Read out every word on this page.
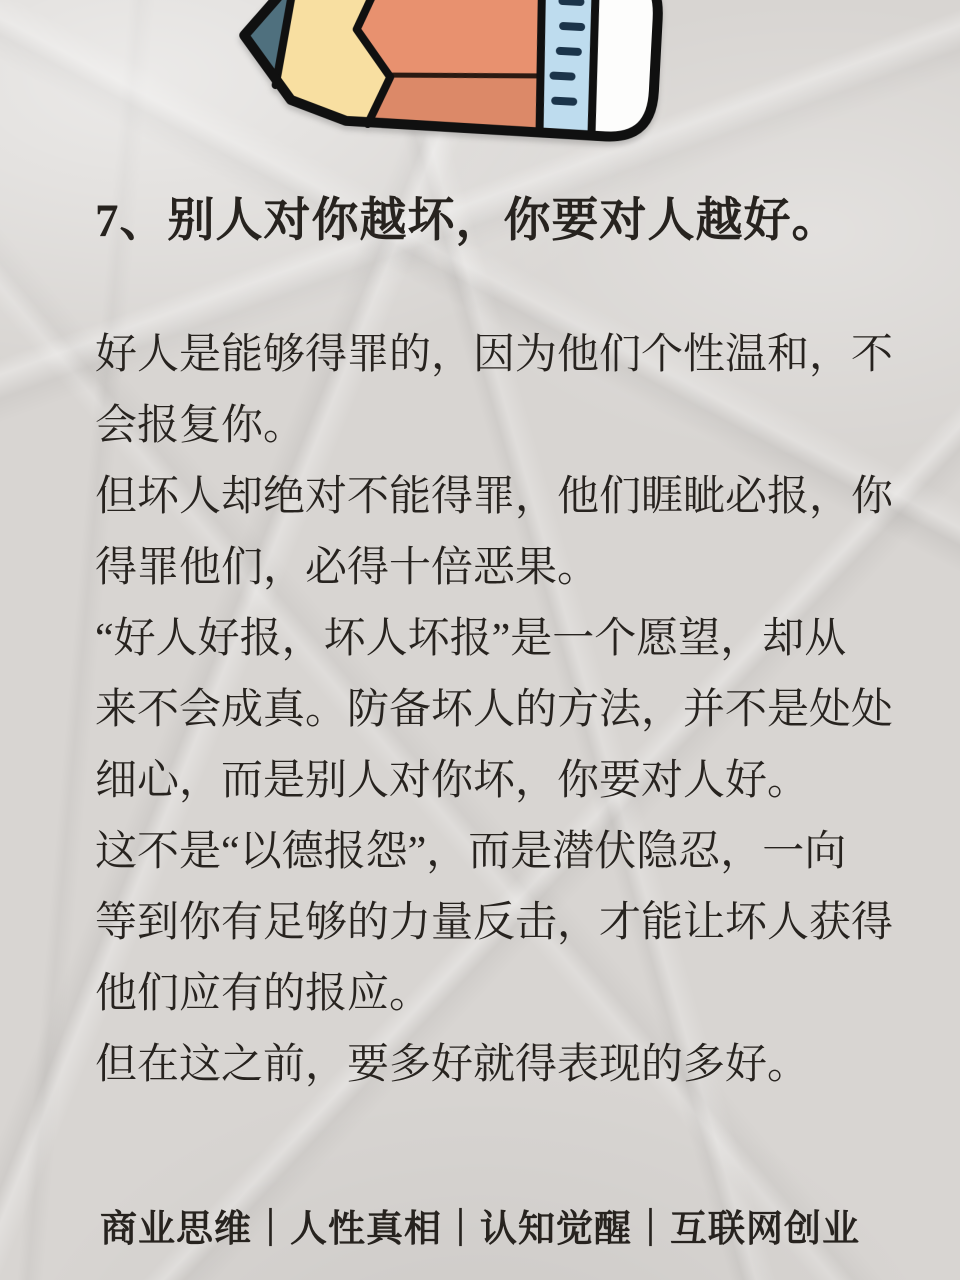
7、别人对你越坏，你要对人越好。
好人是能够得罪的，因为他们个性温和，不
会报复你。
但坏人却绝对不能得罪，他们睚眦必报，你
得罪他们，必得十倍恶果。
“好人好报，坏人坏报”是一个愿望，却从
来不会成真。防备坏人的方法，并不是处处
细心，而是别人对你坏，你要对人好。
这不是“以德报怨”，而是潜伏隐忍，一向
等到你有足够的力量反击，才能让坏人获得
他们应有的报应。
但在这之前，要多好就得表现的多好。
商业思维｜人性真相｜认知觉醒｜互联网创业
